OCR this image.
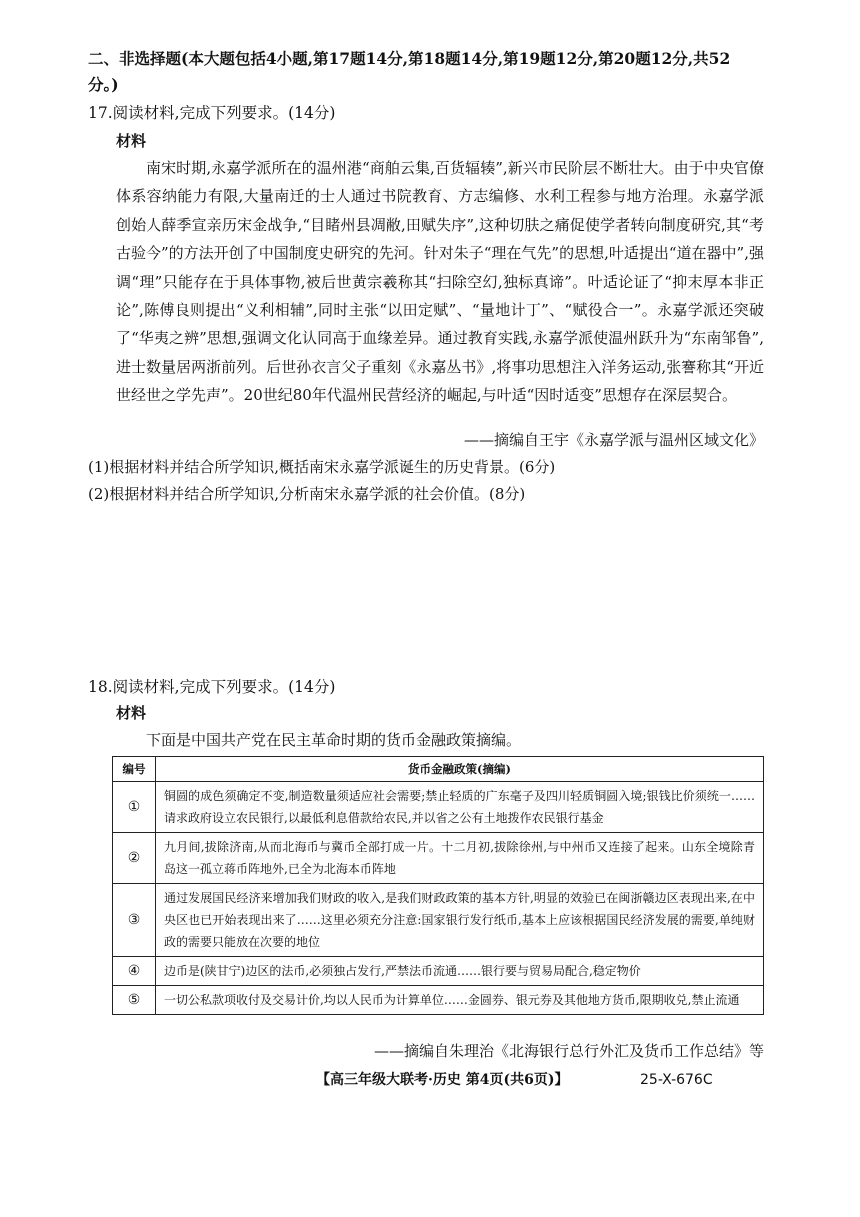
二、非选择题(本大题包括4小题,第17题14分,第18题14分,第19题12分,第20题12分,共52分。)
17.阅读材料,完成下列要求。(14分)
材料
南宋时期,永嘉学派所在的温州港“商舶云集,百货辐辏”,新兴市民阶层不断壮大。由于中央官僚体系容纳能力有限,大量南迁的士人通过书院教育、方志编修、水利工程参与地方治理。永嘉学派创始人薛季宣亲历宋金战争,“目睹州县凋敝,田赋失序”,这种切肤之痛促使学者转向制度研究,其“考古验今”的方法开创了中国制度史研究的先河。针对朱子“理在气先”的思想,叶适提出“道在器中”,强调“理”只能存在于具体事物,被后世黄宗羲称其“扫除空幻,独标真谛”。叶适论证了“抑末厚本非正论”,陈傅良则提出“义利相辅”,同时主张“以田定赋”、“量地计丁”、“赋役合一”。永嘉学派还突破了“华夷之辨”思想,强调文化认同高于血缘差异。通过教育实践,永嘉学派使温州跃升为“东南邹鲁”,进士数量居两浙前列。后世孙衣言父子重刻《永嘉丛书》,将事功思想注入洋务运动,张謇称其“开近世经世之学先声”。20世纪80年代温州民营经济的崛起,与叶适“因时适变”思想存在深层契合。
——摘编自王宇《永嘉学派与温州区域文化》
(1)根据材料并结合所学知识,概括南宋永嘉学派诞生的历史背景。(6分)
(2)根据材料并结合所学知识,分析南宋永嘉学派的社会价值。(8分)
18.阅读材料,完成下列要求。(14分)
材料
下面是中国共产党在民主革命时期的货币金融政策摘编。
编号	货币金融政策(摘编)
①	铜圆的成色须确定不变,制造数量须适应社会需要;禁止轻质的广东毫子及四川轻质铜圆入境;银钱比价须统一……请求政府设立农民银行,以最低利息借款给农民,并以省之公有土地拨作农民银行基金
②	九月间,拔除济南,从而北海币与冀币全部打成一片。十二月初,拔除徐州,与中州币又连接了起来。山东全境除青岛这一孤立蒋币阵地外,已全为北海本币阵地
③	通过发展国民经济来增加我们财政的收入,是我们财政政策的基本方针,明显的效验已在闽浙赣边区表现出来,在中央区也已开始表现出来了……这里必须充分注意:国家银行发行纸币,基本上应该根据国民经济发展的需要,单纯财政的需要只能放在次要的地位
④	边币是(陕甘宁)边区的法币,必须独占发行,严禁法币流通……银行要与贸易局配合,稳定物价
⑤	一切公私款项收付及交易计价,均以人民币为计算单位……金圆券、银元券及其他地方货币,限期收兑,禁止流通
——摘编自朱理治《北海银行总行外汇及货币工作总结》等
【高三年级大联考·历史 第4页(共6页)】	25-X-676C
